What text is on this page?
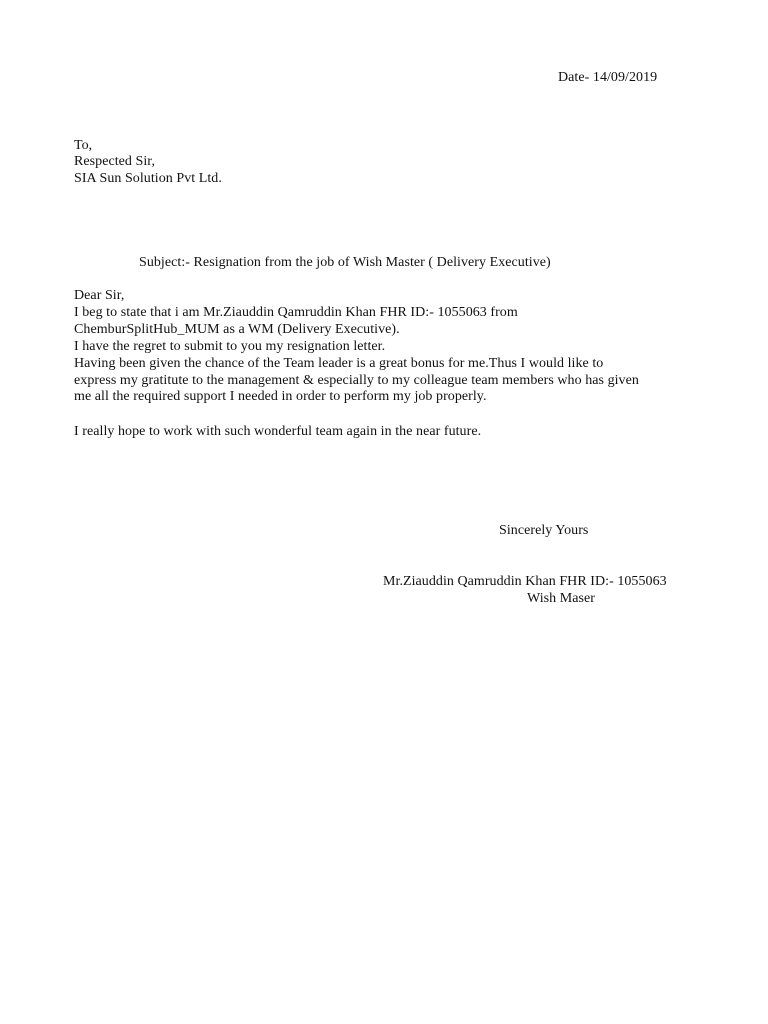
Date- 14/09/2019
To,
Respected Sir,
SIA Sun Solution Pvt Ltd.
Subject:- Resignation from the job of Wish Master ( Delivery Executive)
Dear Sir,
I beg to state that i am Mr.Ziauddin Qamruddin Khan FHR ID:- 1055063 from
ChemburSplitHub_MUM as a WM (Delivery Executive).
I have the regret to submit to you my resignation letter.
Having been given the chance of the Team leader is a great bonus for me.Thus I would like to
express my gratitute to the management & especially to my colleague team members who has given
me all the required support I needed in order to perform my job properly.
I really hope to work with such wonderful team again in the near future.
Sincerely Yours
Mr.Ziauddin Qamruddin Khan FHR ID:- 1055063
Wish Maser
